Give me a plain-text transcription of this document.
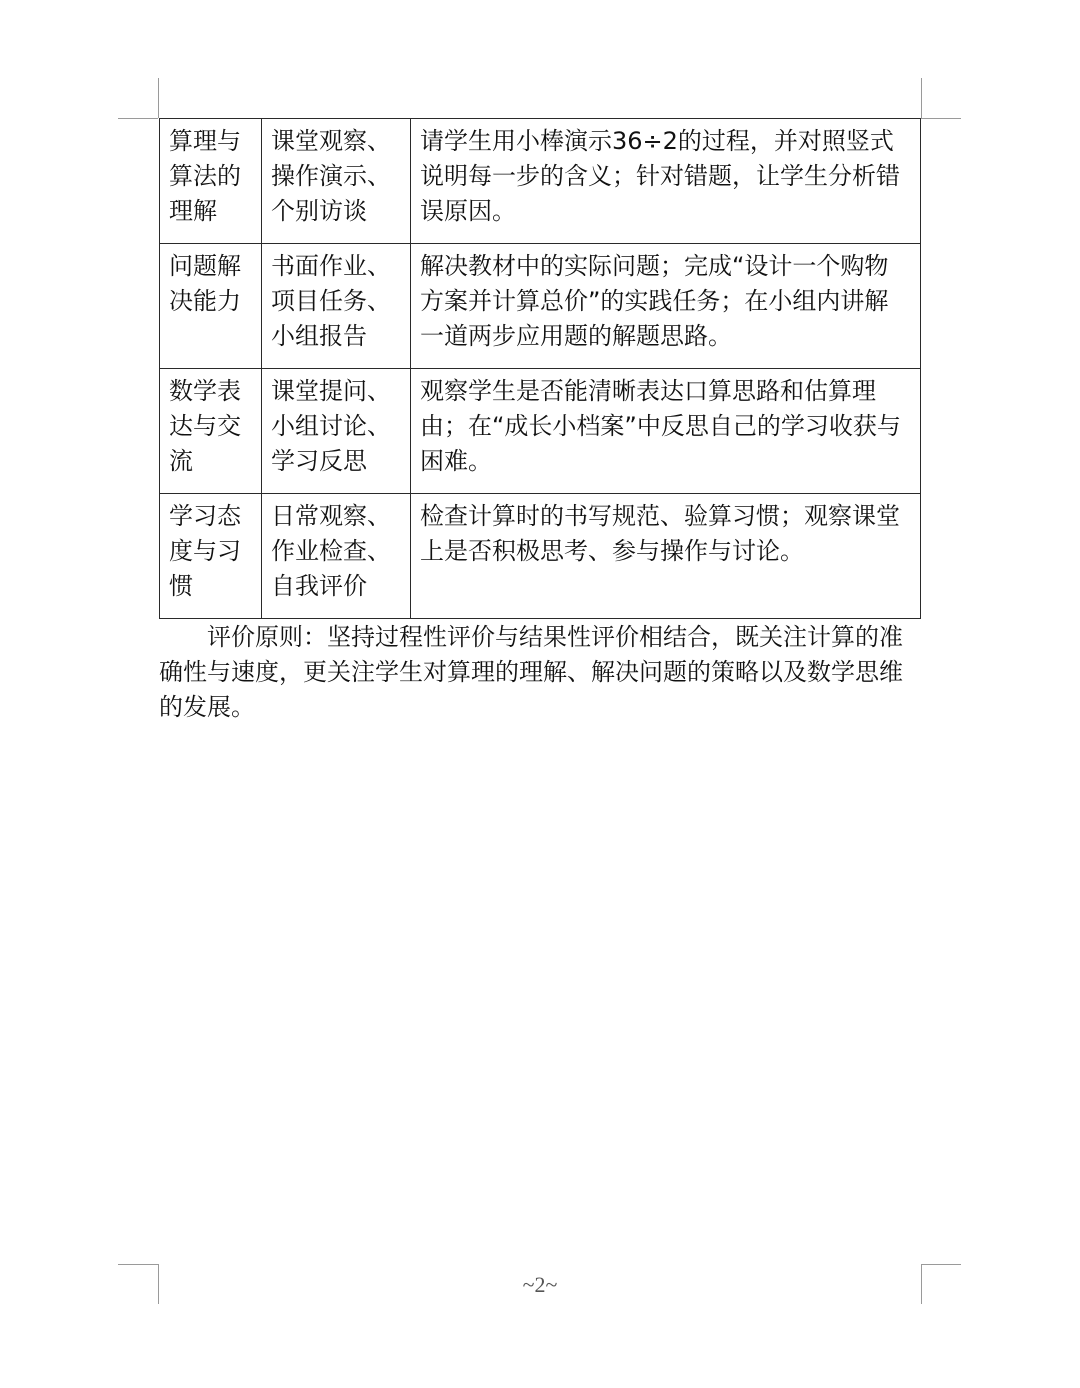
算理与算法的理解	课堂观察、操作演示、个别访谈	请学生用小棒演示36÷2的过程，并对照竖式说明每一步的含义；针对错题，让学生分析错误原因。

问题解决能力	书面作业、项目任务、小组报告	解决教材中的实际问题；完成“设计一个购物方案并计算总价”的实践任务；在小组内讲解一道两步应用题的解题思路。

数学表达与交流	课堂提问、小组讨论、学习反思	观察学生是否能清晰表达口算思路和估算理由；在“成长小档案”中反思自己的学习收获与困难。

学习态度与习惯	日常观察、作业检查、自我评价	检查计算时的书写规范、验算习惯；观察课堂上是否积极思考、参与操作与讨论。

评价原则：坚持过程性评价与结果性评价相结合，既关注计算的准确性与速度，更关注学生对算理的理解、解决问题的策略以及数学思维的发展。

~2~
